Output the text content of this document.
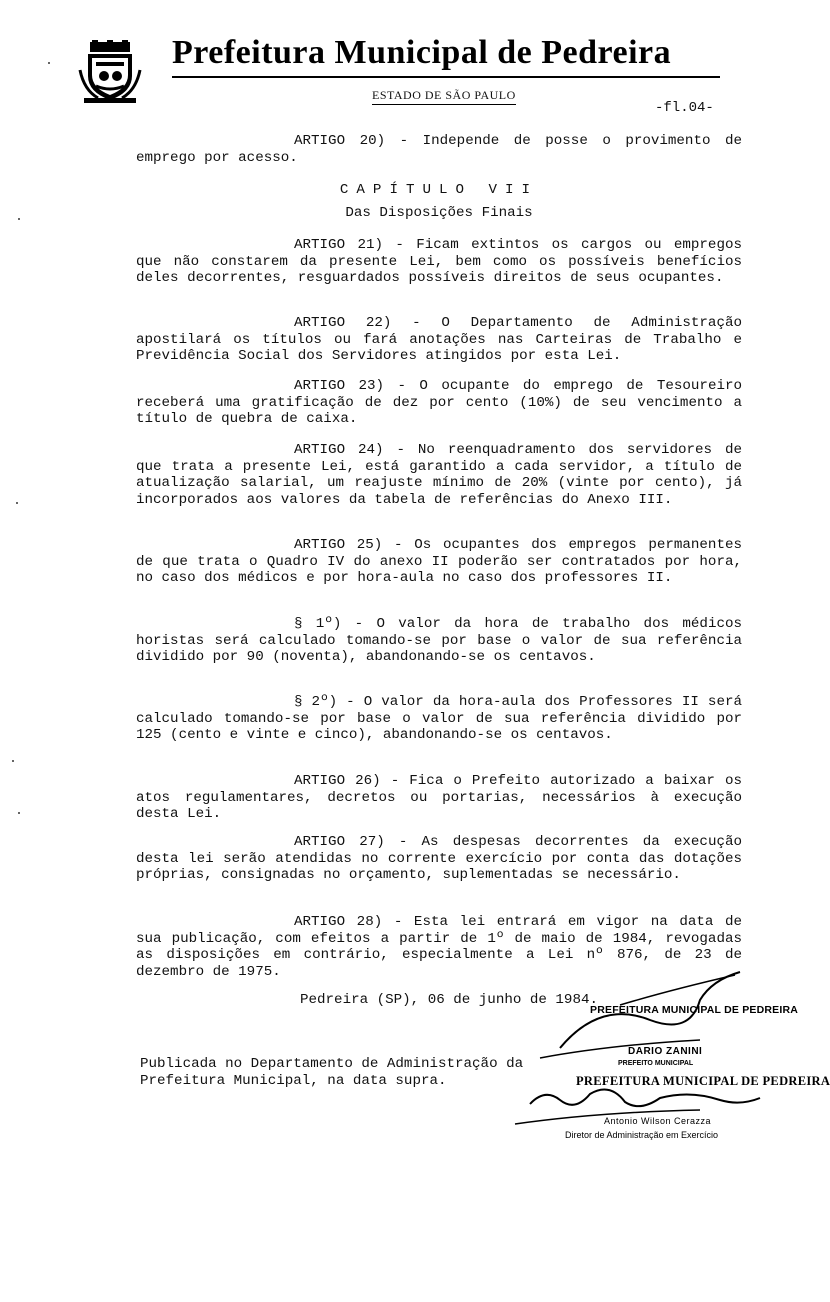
Prefeitura Municipal de Pedreira
ESTADO DE SÃO PAULO
-fl.04-

ARTIGO 20) - Independe de posse o provimento de emprego por acesso.

CAPÍTULO VII

Das Disposições Finais

ARTIGO 21) - Ficam extintos os cargos ou empregos que não constarem da presente Lei, bem como os possíveis benefícios deles decorrentes, resguardados possíveis direitos de seus ocupantes.

ARTIGO 22) - O Departamento de Administração apostilará os títulos ou fará anotações nas Carteiras de Trabalho e Previdência Social dos Servidores atingidos por esta Lei.

ARTIGO 23) - O ocupante do emprego de Tesoureiro receberá uma gratificação de dez por cento (10%) de seu vencimento a título de quebra de caixa.

ARTIGO 24) - No reenquadramento dos servidores de que trata a presente Lei, está garantido a cada servidor, a título de atualização salarial, um reajuste mínimo de 20% (vinte por cento), já incorporados aos valores da tabela de referências do Anexo III.

ARTIGO 25) - Os ocupantes dos empregos permanentes de que trata o Quadro IV do anexo II poderão ser contratados por hora, no caso dos médicos e por hora-aula no caso dos professores II.

§ 1º) - O valor da hora de trabalho dos médicos horistas será calculado tomando-se por base o valor de sua referência dividido por 90 (noventa), abandonando-se os centavos.

§ 2º) - O valor da hora-aula dos Professores II será calculado tomando-se por base o valor de sua referência dividido por 125 (cento e vinte e cinco), abandonando-se os centavos.

ARTIGO 26) - Fica o Prefeito autorizado a baixar os atos regulamentares, decretos ou portarias, necessários à execução desta Lei.

ARTIGO 27) - As despesas decorrentes da execução desta lei serão atendidas no corrente exercício por conta das dotações próprias, consignadas no orçamento, suplementadas se necessário.

ARTIGO 28) - Esta lei entrará em vigor na data de sua publicação, com efeitos a partir de 1º de maio de 1984, revogadas as disposições em contrário, especialmente a Lei nº 876, de 23 de dezembro de 1975.

Pedreira (SP), 06 de junho de 1984.
Publicada no Departamento de Administração da Prefeitura Municipal, na data supra.
PREFEITURA MUNICIPAL DE PEDREIRA
DARIO ZANINI
PREFEITO MUNICIPAL
PREFEITURA MUNICIPAL DE PEDREIRA
Antonio Wilson Cerazza
Diretor de Administração em Exercício
